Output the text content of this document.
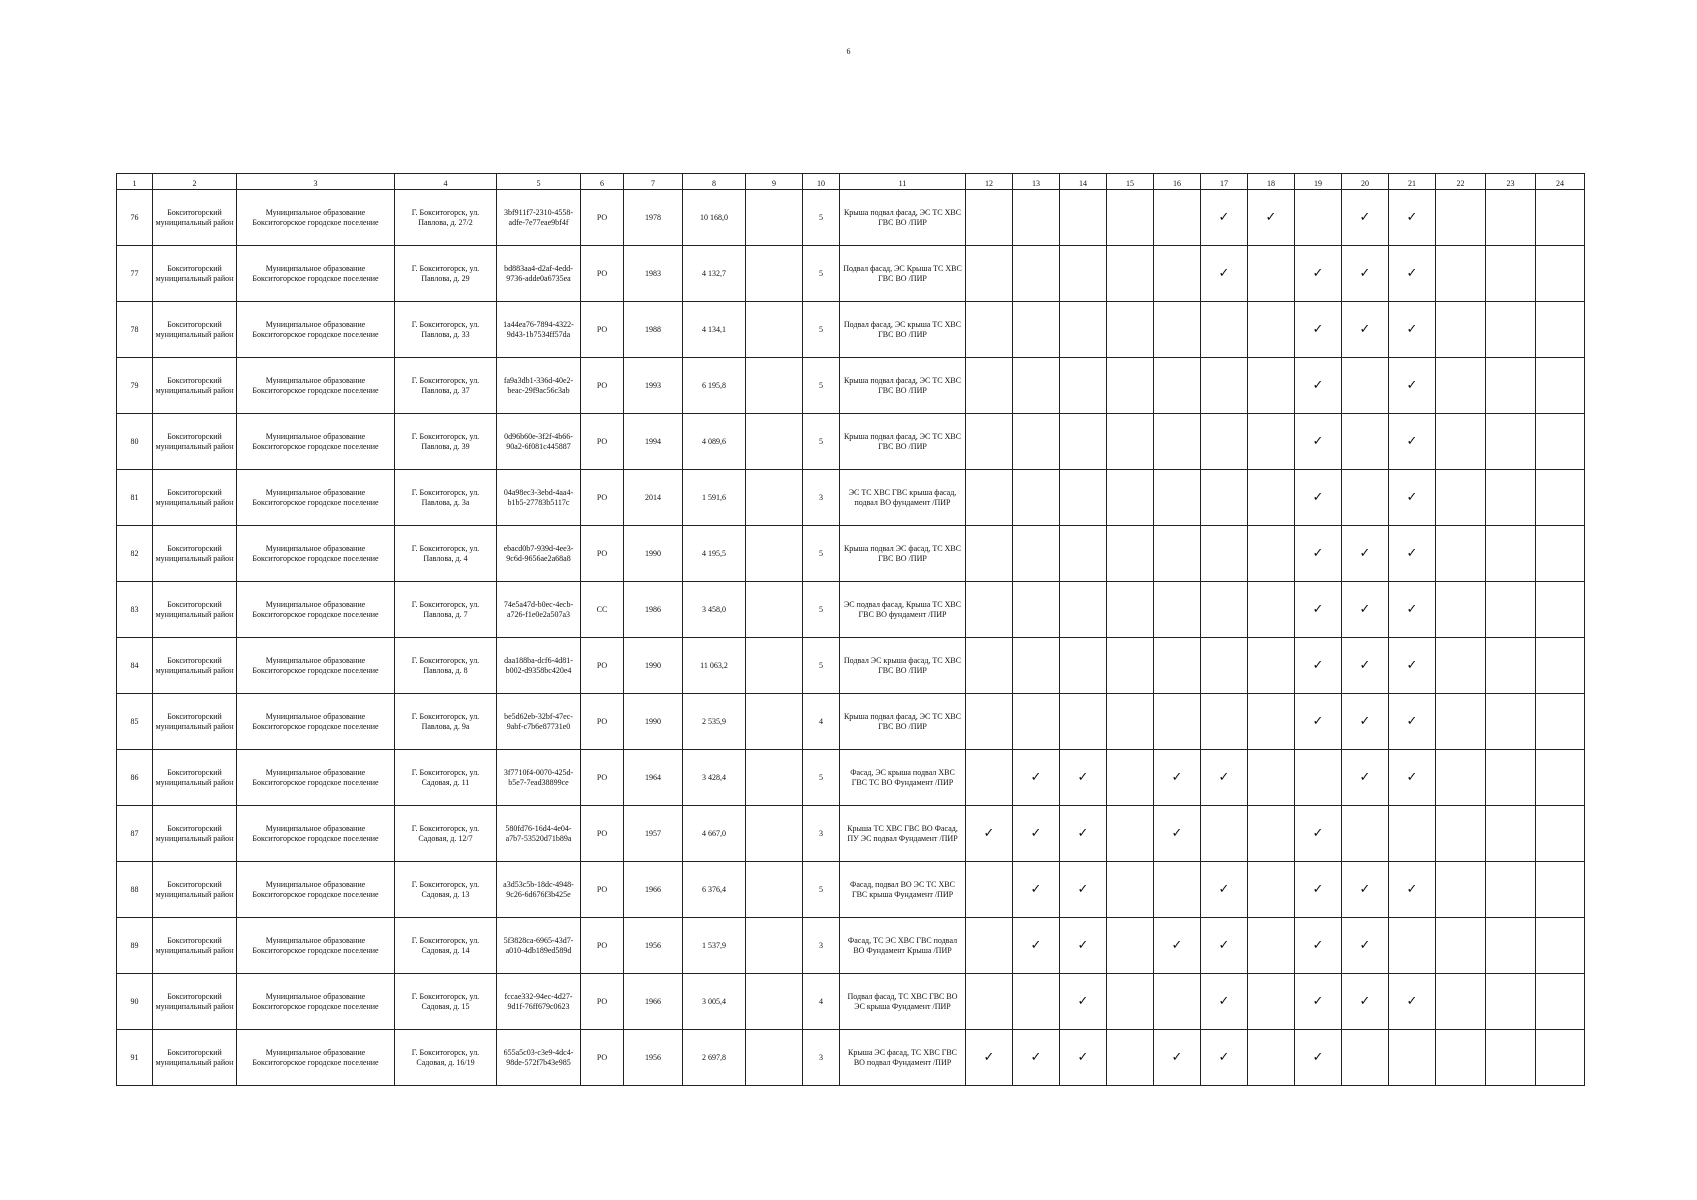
6
1	2	3	4	5	6	7	8	9	10	11	12	13	14	15	16	17	18	19	20	21	22	23	24
76	Бокситогорский муниципальный район	Муниципальное образование Бокситогорское городское поселение	Г. Бокситогорск, ул. Павлова, д. 27/2	3bf911f7-2310-4558-adfe-7e77eae9bf4f	РО	1978	10 168,0		5	Крыша подвал фасад, ЭС ТС ХВС ГВС ВО /ПИР						✓	✓		✓	✓			
77	Бокситогорский муниципальный район	Муниципальное образование Бокситогорское городское поселение	Г. Бокситогорск, ул. Павлова, д. 29	bd883aa4-d2af-4edd-9736-adde0a6735ea	РО	1983	4 132,7		5	Подвал фасад, ЭС Крыша ТС ХВС ГВС ВО /ПИР						✓		✓	✓	✓			
78	Бокситогорский муниципальный район	Муниципальное образование Бокситогорское городское поселение	Г. Бокситогорск, ул. Павлова, д. 33	1a44ea76-7894-4322-9d43-1b7534ff57da	РО	1988	4 134,1		5	Подвал фасад, ЭС крыша ТС ХВС ГВС ВО /ПИР								✓	✓	✓			
79	Бокситогорский муниципальный район	Муниципальное образование Бокситогорское городское поселение	Г. Бокситогорск, ул. Павлова, д. 37	fa9a3db1-336d-40e2-beac-29f9ac56c3ab	РО	1993	6 195,8		5	Крыша подвал фасад, ЭС ТС ХВС ГВС ВО /ПИР								✓		✓			
80	Бокситогорский муниципальный район	Муниципальное образование Бокситогорское городское поселение	Г. Бокситогорск, ул. Павлова, д. 39	0d96b60e-3f2f-4b66-90a2-6f081c445887	РО	1994	4 089,6		5	Крыша подвал фасад, ЭС ТС ХВС ГВС ВО /ПИР								✓		✓			
81	Бокситогорский муниципальный район	Муниципальное образование Бокситогорское городское поселение	Г. Бокситогорск, ул. Павлова, д. 3а	04a98ec3-3ebd-4aa4-b1b5-27783b5117c	РО	2014	1 591,6		3	ЭС ТС ХВС ГВС крыша фасад, подвал ВО фундамент /ПИР								✓		✓			
82	Бокситогорский муниципальный район	Муниципальное образование Бокситогорское городское поселение	Г. Бокситогорск, ул. Павлова, д. 4	ebacd0b7-939d-4ee3-9c6d-9656ae2a68a8	РО	1990	4 195,5		5	Крыша подвал ЭС фасад, ТС ХВС ГВС ВО /ПИР								✓	✓	✓			
83	Бокситогорский муниципальный район	Муниципальное образование Бокситогорское городское поселение	Г. Бокситогорск, ул. Павлова, д. 7	74e5a47d-b0ec-4ecb-a726-f1e0e2a507a3	СС	1986	3 458,0		5	ЭС подвал фасад, Крыша ТС ХВС ГВС ВО фундамент /ПИР								✓	✓	✓			
84	Бокситогорский муниципальный район	Муниципальное образование Бокситогорское городское поселение	Г. Бокситогорск, ул. Павлова, д. 8	daa188ba-dcf6-4d81-b002-d9358bc420e4	РО	1990	11 063,2		5	Подвал ЭС крыша фасад, ТС ХВС ГВС ВО /ПИР								✓	✓	✓			
85	Бокситогорский муниципальный район	Муниципальное образование Бокситогорское городское поселение	Г. Бокситогорск, ул. Павлова, д. 9а	be5d62eb-32bf-47ec-9abf-c7b6e87731e0	РО	1990	2 535,9		4	Крыша подвал фасад, ЭС ТС ХВС ГВС ВО /ПИР								✓	✓	✓			
86	Бокситогорский муниципальный район	Муниципальное образование Бокситогорское городское поселение	Г. Бокситогорск, ул. Садовая, д. 11	3f7710f4-0070-425d-b5e7-7ead38899ce	РО	1964	3 428,4		5	Фасад, ЭС крыша подвал ХВС ГВС ТС ВО Фундамент /ПИР		✓	✓		✓	✓			✓	✓			
87	Бокситогорский муниципальный район	Муниципальное образование Бокситогорское городское поселение	Г. Бокситогорск, ул. Садовая, д. 12/7	580fd76-16d4-4e04-a7b7-53520d71b89a	РО	1957	4 667,0		3	Крыша ТС ХВС ГВС ВО Фасад, ПУ ЭС подвал Фундамент /ПИР	✓	✓	✓		✓			✓					
88	Бокситогорский муниципальный район	Муниципальное образование Бокситогорское городское поселение	Г. Бокситогорск, ул. Садовая, д. 13	a3d53c5b-18dc-4948-9c26-6d676f3b425e	РО	1966	6 376,4		5	Фасад, подвал ВО ЭС ТС ХВС ГВС крыша Фундамент /ПИР		✓	✓			✓		✓	✓	✓			
89	Бокситогорский муниципальный район	Муниципальное образование Бокситогорское городское поселение	Г. Бокситогорск, ул. Садовая, д. 14	5f3828ca-6965-43d7-a010-4db189ed589d	РО	1956	1 537,9		3	Фасад, ТС ЭС ХВС ГВС подвал ВО Фундамент Крыша /ПИР		✓	✓		✓	✓		✓	✓				
90	Бокситогорский муниципальный район	Муниципальное образование Бокситогорское городское поселение	Г. Бокситогорск, ул. Садовая, д. 15	fccae332-94ec-4d27-9d1f-76ff679c0623	РО	1966	3 005,4		4	Подвал фасад, ТС ХВС ГВС ВО ЭС крыша Фундамент /ПИР			✓			✓		✓	✓	✓			
91	Бокситогорский муниципальный район	Муниципальное образование Бокситогорское городское поселение	Г. Бокситогорск, ул. Садовая, д. 16/19	655a5c03-c3e9-4dc4-98de-572f7b43e985	РО	1956	2 697,8		3	Крыша ЭС фасад, ТС ХВС ГВС ВО подвал Фундамент /ПИР	✓	✓	✓		✓	✓		✓					
